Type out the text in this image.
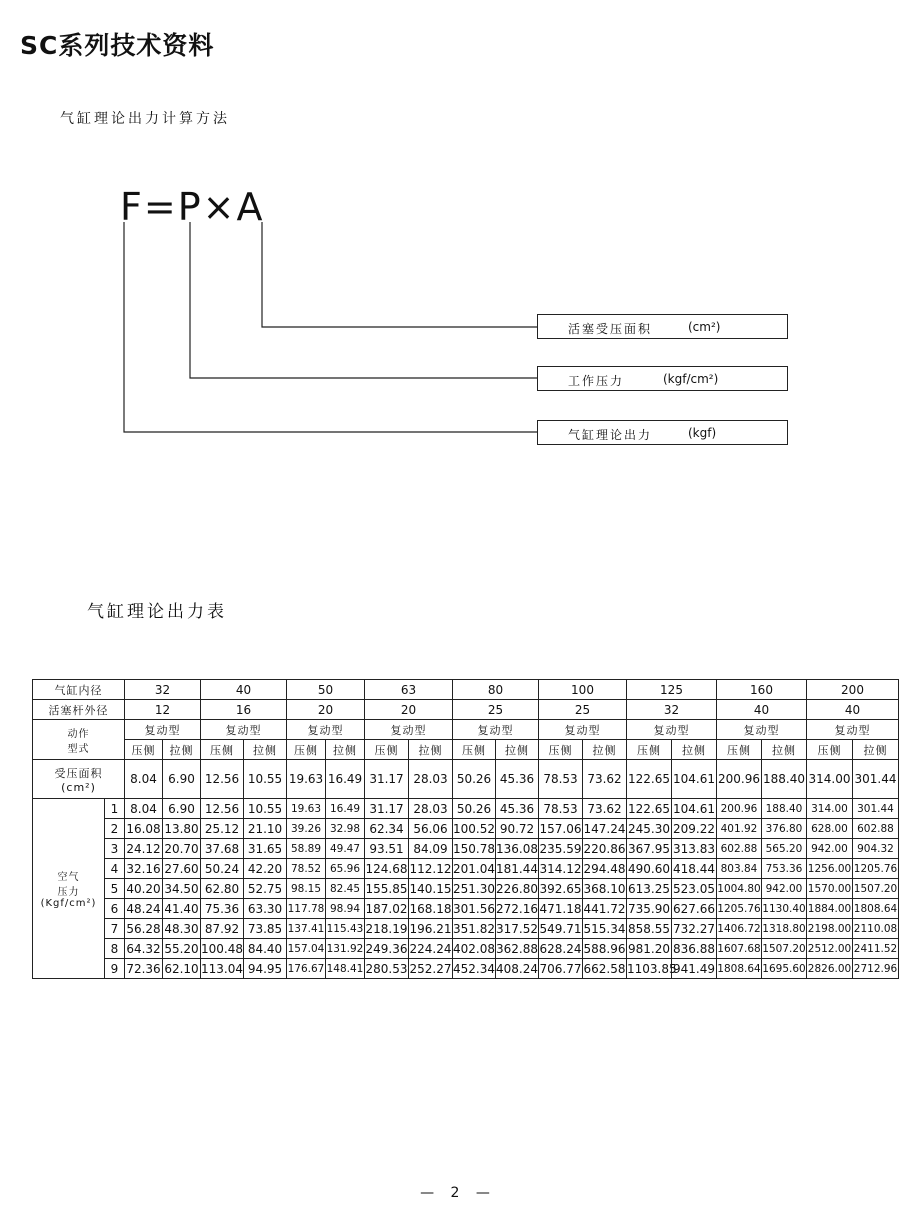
SC系列技术资料
气缸理论出力计算方法
F=P×A
活塞受压面积	(cm²)
工作压力	(kgf/cm²)
气缸理论出力	(kgf)
气缸理论出力表
气缸内径		32		40		50		63		80		100		125		160		200	
活塞杆外径		12		16		20		20		25		25		32		40		40	

动作
型式		复动型		复动型		复动型		复动型		复动型		复动型		复动型		复动型		复动型	
		压侧	拉侧	压侧	拉侧	压侧	拉侧	压侧	拉侧	压侧	拉侧	压侧	拉侧	压侧	拉侧	压侧	拉侧	压侧	拉侧

受压面积
(cm²)		8.04	6.90	12.56	10.55	19.63	16.49	31.17	28.03	50.26	45.36	78.53	73.62	122.65	104.61	200.96	188.40	314.00	301.44

空气
压力
(Kgf/cm²)	1	8.04	6.90	12.56	10.55	19.63	16.49	31.17	28.03	50.26	45.36	78.53	73.62	122.65	104.61	200.96	188.40	314.00	301.44
	2	16.08	13.80	25.12	21.10	39.26	32.98	62.34	56.06	100.52	90.72	157.06	147.24	245.30	209.22	401.92	376.80	628.00	602.88
	3	24.12	20.70	37.68	31.65	58.89	49.47	93.51	84.09	150.78	136.08	235.59	220.86	367.95	313.83	602.88	565.20	942.00	904.32
	4	32.16	27.60	50.24	42.20	78.52	65.96	124.68	112.12	201.04	181.44	314.12	294.48	490.60	418.44	803.84	753.36	1256.00	1205.76
	5	40.20	34.50	62.80	52.75	98.15	82.45	155.85	140.15	251.30	226.80	392.65	368.10	613.25	523.05	1004.80	942.00	1570.00	1507.20
	6	48.24	41.40	75.36	63.30	117.78	98.94	187.02	168.18	301.56	272.16	471.18	441.72	735.90	627.66	1205.76	1130.40	1884.00	1808.64
	7	56.28	48.30	87.92	73.85	137.41	115.43	218.19	196.21	351.82	317.52	549.71	515.34	858.55	732.27	1406.72	1318.80	2198.00	2110.08
	8	64.32	55.20	100.48	84.40	157.04	131.92	249.36	224.24	402.08	362.88	628.24	588.96	981.20	836.88	1607.68	1507.20	2512.00	2411.52
	9	72.36	62.10	113.04	94.95	176.67	148.41	280.53	252.27	452.34	408.24	706.77	662.58	1103.85	941.49	1808.64	1695.60	2826.00	2712.96
— 2 —
